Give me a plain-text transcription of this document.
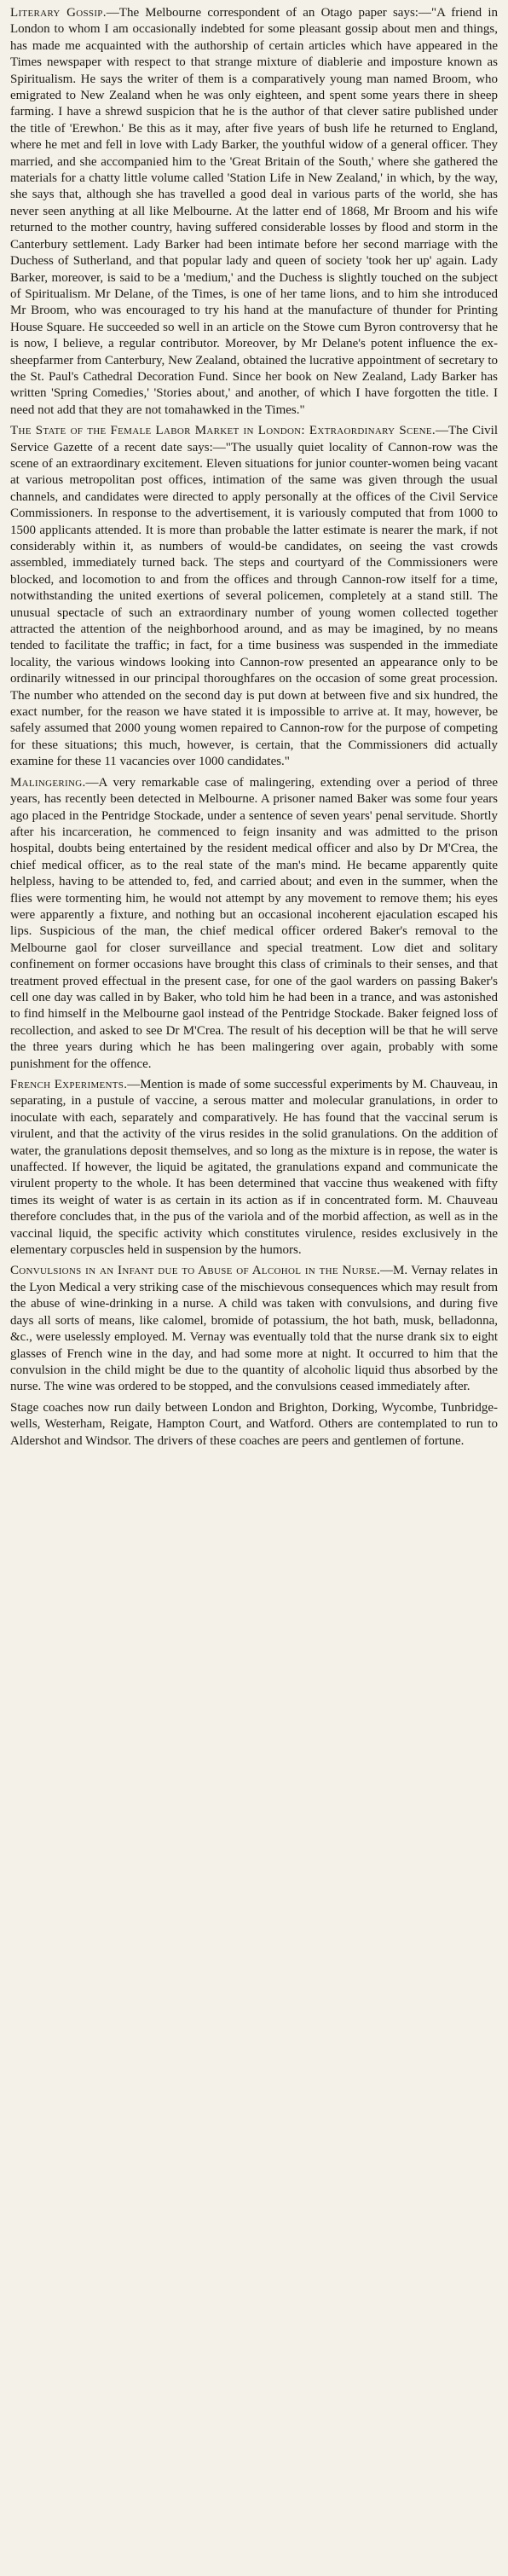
Literary Gossip.—The Melbourne correspondent of an Otago paper says:—"A friend in London to whom I am occasionally indebted for some pleasant gossip about men and things, has made me acquainted with the authorship of certain articles which have appeared in the Times newspaper with respect to that strange mixture of diablerie and imposture known as Spiritualism. He says the writer of them is a comparatively young man named Broom, who emigrated to New Zealand when he was only eighteen, and spent some years there in sheep farming. I have a shrewd suspicion that he is the author of that clever satire published under the title of 'Erewhon.' Be this as it may, after five years of bush life he returned to England, where he met and fell in love with Lady Barker, the youthful widow of a general officer. They married, and she accompanied him to the 'Great Britain of the South,' where she gathered the materials for a chatty little volume called 'Station Life in New Zealand,' in which, by the way, she says that, although she has travelled a good deal in various parts of the world, she has never seen anything at all like Melbourne. At the latter end of 1868, Mr Broom and his wife returned to the mother country, having suffered considerable losses by flood and storm in the Canterbury settlement. Lady Barker had been intimate before her second marriage with the Duchess of Sutherland, and that popular lady and queen of society 'took her up' again. Lady Barker, moreover, is said to be a 'medium,' and the Duchess is slightly touched on the subject of Spiritualism. Mr Delane, of the Times, is one of her tame lions, and to him she introduced Mr Broom, who was encouraged to try his hand at the manufacture of thunder for Printing House Square. He succeeded so well in an article on the Stowe cum Byron controversy that he is now, I believe, a regular contributor. Moreover, by Mr Delane's potent influence the ex-sheepfarmer from Canterbury, New Zealand, obtained the lucrative appointment of secretary to the St. Paul's Cathedral Decoration Fund. Since her book on New Zealand, Lady Barker has written 'Spring Comedies,' 'Stories about,' and another, of which I have forgotten the title. I need not add that they are not tomahawked in the Times."

The State of the Female Labor Market in London: Extraordinary Scene.—The Civil Service Gazette of a recent date says:—"The usually quiet locality of Cannon-row was the scene of an extraordinary excitement. Eleven situations for junior counter-women being vacant at various metropolitan post offices, intimation of the same was given through the usual channels, and candidates were directed to apply personally at the offices of the Civil Service Commissioners. In response to the advertisement, it is variously computed that from 1000 to 1500 applicants attended. It is more than probable the latter estimate is nearer the mark, if not considerably within it, as numbers of would-be candidates, on seeing the vast crowds assembled, immediately turned back. The steps and courtyard of the Commissioners were blocked, and locomotion to and from the offices and through Cannon-row itself for a time, notwithstanding the united exertions of several policemen, completely at a stand still. The unusual spectacle of such an extraordinary number of young women collected together attracted the attention of the neighborhood around, and as may be imagined, by no means tended to facilitate the traffic; in fact, for a time business was suspended in the immediate locality, the various windows looking into Cannon-row presented an appearance only to be ordinarily witnessed in our principal thoroughfares on the occasion of some great procession. The number who attended on the second day is put down at between five and six hundred, the exact number, for the reason we have stated it is impossible to arrive at. It may, however, be safely assumed that 2000 young women repaired to Cannon-row for the purpose of competing for these situations; this much, however, is certain, that the Commissioners did actually examine for these 11 vacancies over 1000 candidates."

Malingering.—A very remarkable case of malingering, extending over a period of three years, has recently been detected in Melbourne. A prisoner named Baker was some four years ago placed in the Pentridge Stockade, under a sentence of seven years' penal servitude. Shortly after his incarceration, he commenced to feign insanity and was admitted to the prison hospital, doubts being entertained by the resident medical officer and also by Dr M'Crea, the chief medical officer, as to the real state of the man's mind. He became apparently quite helpless, having to be attended to, fed, and carried about; and even in the summer, when the flies were tormenting him, he would not attempt by any movement to remove them; his eyes were apparently a fixture, and nothing but an occasional incoherent ejaculation escaped his lips. Suspicious of the man, the chief medical officer ordered Baker's removal to the Melbourne gaol for closer surveillance and special treatment. Low diet and solitary confinement on former occasions have brought this class of criminals to their senses, and that treatment proved effectual in the present case, for one of the gaol warders on passing Baker's cell one day was called in by Baker, who told him he had been in a trance, and was astonished to find himself in the Melbourne gaol instead of the Pentridge Stockade. Baker feigned loss of recollection, and asked to see Dr M'Crea. The result of his deception will be that he will serve the three years during which he has been malingering over again, probably with some punishment for the offence.

French Experiments.—Mention is made of some successful experiments by M. Chauveau, in separating, in a pustule of vaccine, a serous matter and molecular granulations, in order to inoculate with each, separately and comparatively. He has found that the vaccinal serum is virulent, and that the activity of the virus resides in the solid granulations. On the addition of water, the granulations deposit themselves, and so long as the mixture is in repose, the water is unaffected. If however, the liquid be agitated, the granulations expand and communicate the virulent property to the whole. It has been determined that vaccine thus weakened with fifty times its weight of water is as certain in its action as if in concentrated form. M. Chauveau therefore concludes that, in the pus of the variola and of the morbid affection, as well as in the vaccinal liquid, the specific activity which constitutes virulence, resides exclusively in the elementary corpuscles held in suspension by the humors.

Convulsions in an Infant due to Abuse of Alcohol in the Nurse.—M. Vernay relates in the Lyon Medical a very striking case of the mischievous consequences which may result from the abuse of wine-drinking in a nurse. A child was taken with convulsions, and during five days all sorts of means, like calomel, bromide of potassium, the hot bath, musk, belladonna, &c., were uselessly employed. M. Vernay was eventually told that the nurse drank six to eight glasses of French wine in the day, and had some more at night. It occurred to him that the convulsion in the child might be due to the quantity of alcoholic liquid thus absorbed by the nurse. The wine was ordered to be stopped, and the convulsions ceased immediately after.

Stage coaches now run daily between London and Brighton, Dorking, Wycombe, Tunbridge-wells, Westerham, Reigate, Hampton Court, and Watford. Others are contemplated to run to Aldershot and Windsor. The drivers of these coaches are peers and gentlemen of fortune.
